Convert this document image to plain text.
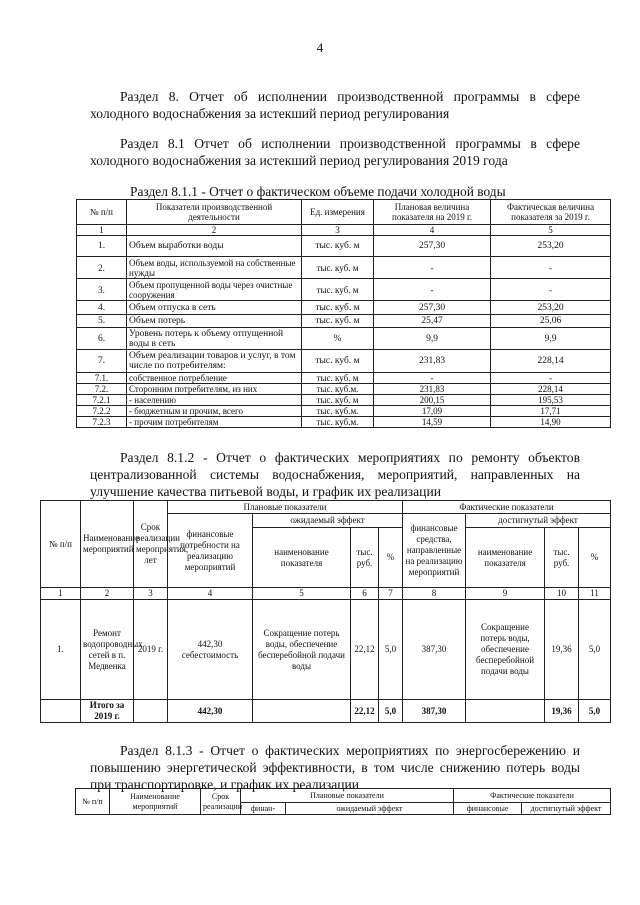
4
Раздел 8. Отчет об исполнении производственной программы в сфере холодного водоснабжения за истекший период регулирования
Раздел 8.1 Отчет об исполнении производственной программы в сфере холодного водоснабжения за истекший период регулирования 2019 года
Раздел 8.1.1 - Отчет о фактическом объеме подачи холодной воды
№ п/п	Показатели производственной деятельности	Ед. измерения	Плановая величина показателя на 2019 г.	Фактическая величина показателя за 2019 г.
1	2	3	4	5
1.	Объем выработки воды	тыс. куб. м	257,30	253,20
2.	Объем воды, используемой на собственные нужды	тыс. куб. м	-	-
3.	Объем пропущенной воды через очистные сооружения	тыс. куб. м	-	-
4.	Объем отпуска в сеть	тыс. куб. м	257,30	253,20
5.	Объем потерь	тыс. куб. м	25,47	25,06
6.	Уровень потерь к объему отпущенной воды в сеть	%	9,9	9,9
7.	Объем реализации товаров и услуг, в том числе по потребителям:	тыс. куб. м	231,83	228,14
7.1.	собственное потребление	тыс. куб. м	-	-
7.2.	Сторонним потребителям, из них	тыс. куб.м.	231,83	228,14
7.2.1	- населению	тыс. куб. м	200,15	195,53
7.2.2	- бюджетным и прочим, всего	тыс. куб.м.	17,09	17,71
7.2.3	- прочим потребителям	тыс. куб.м.	14,59	14,90
Раздел 8.1.2 - Отчет о фактических мероприятиях по ремонту объектов централизованной системы водоснабжения, мероприятий, направленных на улучшение качества питьевой воды, и график их реализации
№ п/п	Наименование мероприятий	Срок реализации мероприятия, лет	Плановые показатели				Фактические показатели			
			финансовые потребности на реализацию мероприятий	ожидаемый эффект			финансовые средства, направленные на реализацию мероприятий	достигнутый эффект		
				наименование показателя	тыс. руб.	%		наименование показателя	тыс. руб.	%
1	2	3	4	5	6	7	8	9	10	11
1.	Ремонт водопроводных сетей в п. Медвенка	2019 г.	442,30 себестоимость	Сокращение потерь воды, обеспечение бесперебойной подачи воды	22,12	5,0	387,30	Сокращение потерь воды, обеспечение бесперебойной подачи воды	19,36	5,0
	Итого за 2019 г.		442,30		22,12	5,0	387,30		19,36	5,0
Раздел 8.1.3 - Отчет о фактических мероприятиях по энергосбережению и повышению энергетической эффективности, в том числе снижению потерь воды при транспортировке, и график их реализации
№ п/п	Наименование мероприятий	Срок реализации	Плановые показатели		Фактические показатели	
			финан-	ожидаемый эффект	финансовые	достигнутый эффект
